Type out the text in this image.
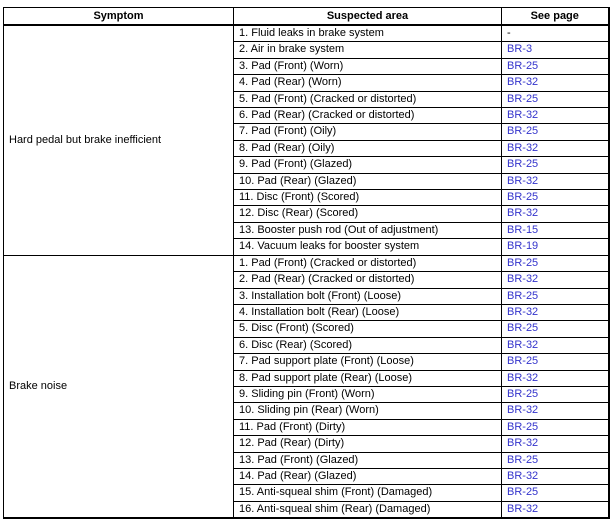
Symptom	Suspected area	See page
Hard pedal but brake inefficient	1. Fluid leaks in brake system	-
	2. Air in brake system	BR-3
	3. Pad (Front) (Worn)	BR-25
	4. Pad (Rear) (Worn)	BR-32
	5. Pad (Front) (Cracked or distorted)	BR-25
	6. Pad (Rear) (Cracked or distorted)	BR-32
	7. Pad (Front) (Oily)	BR-25
	8. Pad (Rear) (Oily)	BR-32
	9. Pad (Front) (Glazed)	BR-25
	10. Pad (Rear) (Glazed)	BR-32
	11. Disc (Front) (Scored)	BR-25
	12. Disc (Rear) (Scored)	BR-32
	13. Booster push rod (Out of adjustment)	BR-15
	14. Vacuum leaks for booster system	BR-19
Brake noise	1. Pad (Front) (Cracked or distorted)	BR-25
	2. Pad (Rear) (Cracked or distorted)	BR-32
	3. Installation bolt (Front) (Loose)	BR-25
	4. Installation bolt (Rear) (Loose)	BR-32
	5. Disc (Front) (Scored)	BR-25
	6. Disc (Rear) (Scored)	BR-32
	7. Pad support plate (Front) (Loose)	BR-25
	8. Pad support plate (Rear) (Loose)	BR-32
	9. Sliding pin (Front) (Worn)	BR-25
	10. Sliding pin (Rear) (Worn)	BR-32
	11. Pad (Front) (Dirty)	BR-25
	12. Pad (Rear) (Dirty)	BR-32
	13. Pad (Front) (Glazed)	BR-25
	14. Pad (Rear) (Glazed)	BR-32
	15. Anti-squeal shim (Front) (Damaged)	BR-25
	16. Anti-squeal shim (Rear) (Damaged)	BR-32
